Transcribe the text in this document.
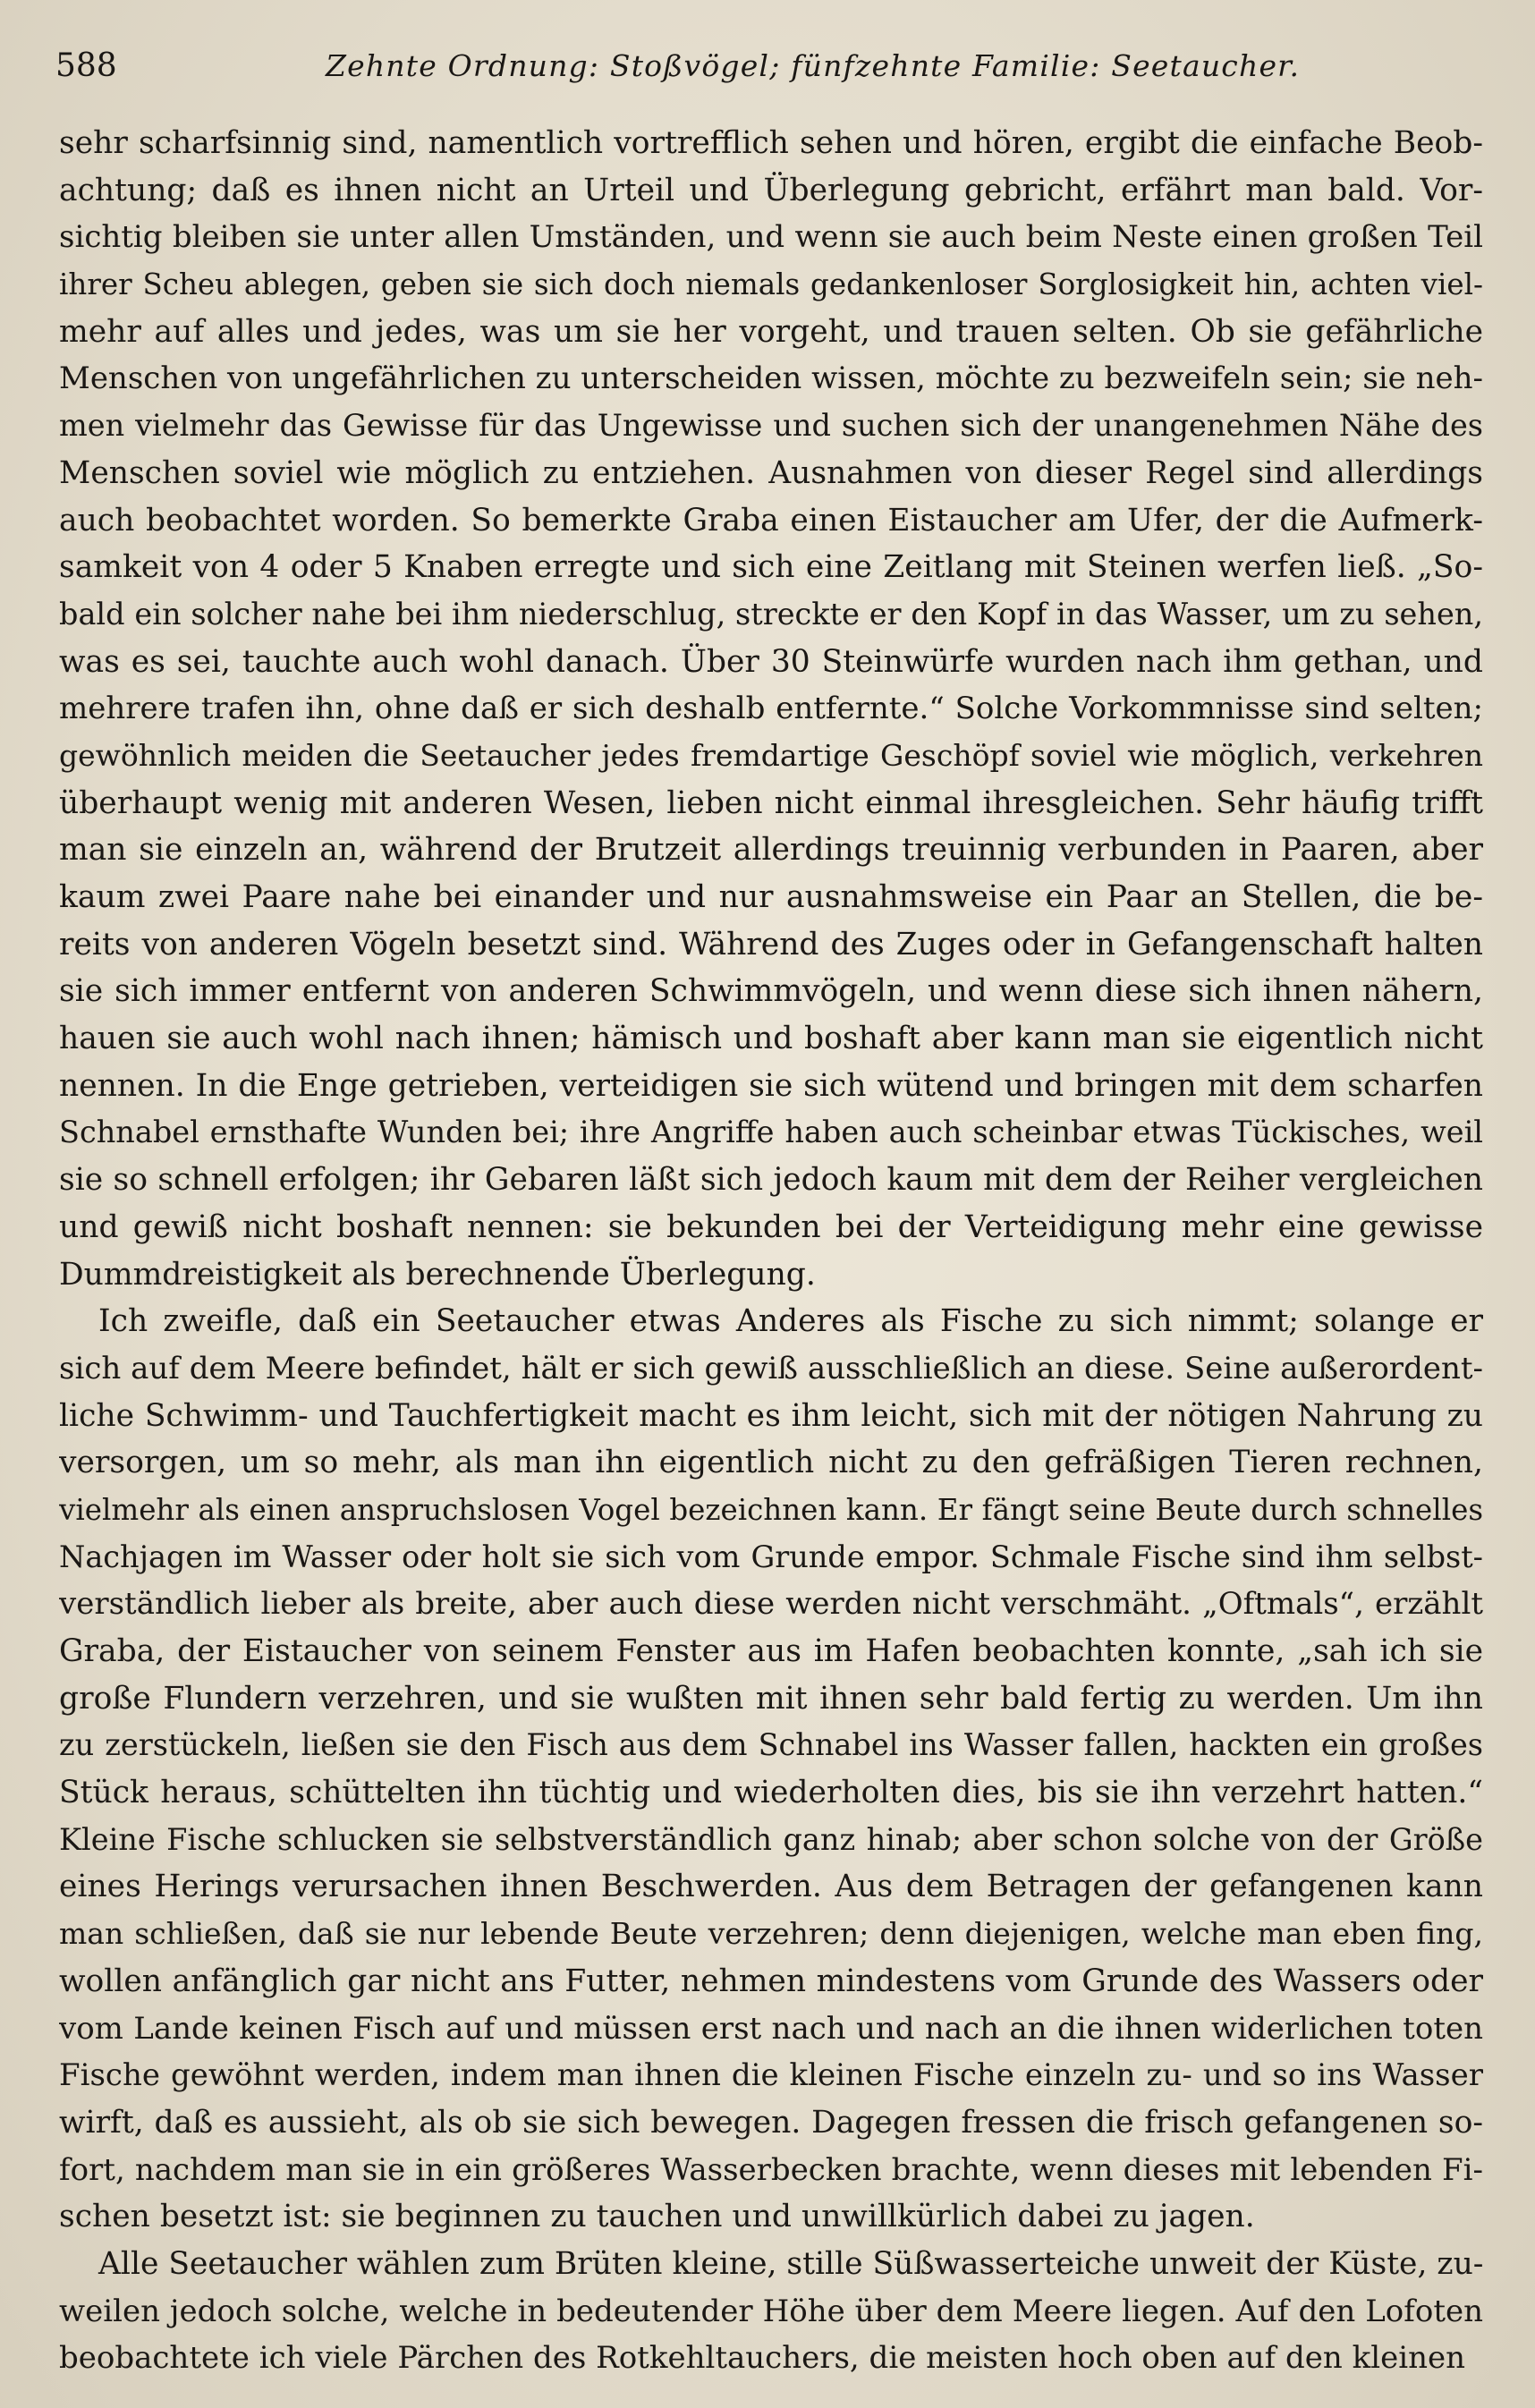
588	Zehnte Ordnung: Stoßvögel; fünfzehnte Familie: Seetaucher.
sehr scharfsinnig sind, namentlich vortrefflich sehen und hören, ergibt die einfache Beob-
achtung; daß es ihnen nicht an Urteil und Überlegung gebricht, erfährt man bald. Vor-
sichtig bleiben sie unter allen Umständen, und wenn sie auch beim Neste einen großen Teil
ihrer Scheu ablegen, geben sie sich doch niemals gedankenloser Sorglosigkeit hin, achten viel-
mehr auf alles und jedes, was um sie her vorgeht, und trauen selten. Ob sie gefährliche
Menschen von ungefährlichen zu unterscheiden wissen, möchte zu bezweifeln sein; sie neh-
men vielmehr das Gewisse für das Ungewisse und suchen sich der unangenehmen Nähe des
Menschen soviel wie möglich zu entziehen. Ausnahmen von dieser Regel sind allerdings
auch beobachtet worden. So bemerkte Graba einen Eistaucher am Ufer, der die Aufmerk-
samkeit von 4 oder 5 Knaben erregte und sich eine Zeitlang mit Steinen werfen ließ. „So-
bald ein solcher nahe bei ihm niederschlug, streckte er den Kopf in das Wasser, um zu sehen,
was es sei, tauchte auch wohl danach. Über 30 Steinwürfe wurden nach ihm gethan, und
mehrere trafen ihn, ohne daß er sich deshalb entfernte.“ Solche Vorkommnisse sind selten;
gewöhnlich meiden die Seetaucher jedes fremdartige Geschöpf soviel wie möglich, verkehren
überhaupt wenig mit anderen Wesen, lieben nicht einmal ihresgleichen. Sehr häufig trifft
man sie einzeln an, während der Brutzeit allerdings treuinnig verbunden in Paaren, aber
kaum zwei Paare nahe bei einander und nur ausnahmsweise ein Paar an Stellen, die be-
reits von anderen Vögeln besetzt sind. Während des Zuges oder in Gefangenschaft halten
sie sich immer entfernt von anderen Schwimmvögeln, und wenn diese sich ihnen nähern,
hauen sie auch wohl nach ihnen; hämisch und boshaft aber kann man sie eigentlich nicht
nennen. In die Enge getrieben, verteidigen sie sich wütend und bringen mit dem scharfen
Schnabel ernsthafte Wunden bei; ihre Angriffe haben auch scheinbar etwas Tückisches, weil
sie so schnell erfolgen; ihr Gebaren läßt sich jedoch kaum mit dem der Reiher vergleichen
und gewiß nicht boshaft nennen: sie bekunden bei der Verteidigung mehr eine gewisse
Dummdreistigkeit als berechnende Überlegung.
Ich zweifle, daß ein Seetaucher etwas Anderes als Fische zu sich nimmt; solange er
sich auf dem Meere befindet, hält er sich gewiß ausschließlich an diese. Seine außerordent-
liche Schwimm- und Tauchfertigkeit macht es ihm leicht, sich mit der nötigen Nahrung zu
versorgen, um so mehr, als man ihn eigentlich nicht zu den gefräßigen Tieren rechnen,
vielmehr als einen anspruchslosen Vogel bezeichnen kann. Er fängt seine Beute durch schnelles
Nachjagen im Wasser oder holt sie sich vom Grunde empor. Schmale Fische sind ihm selbst-
verständlich lieber als breite, aber auch diese werden nicht verschmäht. „Oftmals“, erzählt
Graba, der Eistaucher von seinem Fenster aus im Hafen beobachten konnte, „sah ich sie
große Flundern verzehren, und sie wußten mit ihnen sehr bald fertig zu werden. Um ihn
zu zerstückeln, ließen sie den Fisch aus dem Schnabel ins Wasser fallen, hackten ein großes
Stück heraus, schüttelten ihn tüchtig und wiederholten dies, bis sie ihn verzehrt hatten.“
Kleine Fische schlucken sie selbstverständlich ganz hinab; aber schon solche von der Größe
eines Herings verursachen ihnen Beschwerden. Aus dem Betragen der gefangenen kann
man schließen, daß sie nur lebende Beute verzehren; denn diejenigen, welche man eben fing,
wollen anfänglich gar nicht ans Futter, nehmen mindestens vom Grunde des Wassers oder
vom Lande keinen Fisch auf und müssen erst nach und nach an die ihnen widerlichen toten
Fische gewöhnt werden, indem man ihnen die kleinen Fische einzeln zu- und so ins Wasser
wirft, daß es aussieht, als ob sie sich bewegen. Dagegen fressen die frisch gefangenen so-
fort, nachdem man sie in ein größeres Wasserbecken brachte, wenn dieses mit lebenden Fi-
schen besetzt ist: sie beginnen zu tauchen und unwillkürlich dabei zu jagen.
Alle Seetaucher wählen zum Brüten kleine, stille Süßwasserteiche unweit der Küste, zu-
weilen jedoch solche, welche in bedeutender Höhe über dem Meere liegen. Auf den Lofoten
beobachtete ich viele Pärchen des Rotkehltauchers, die meisten hoch oben auf den kleinen
